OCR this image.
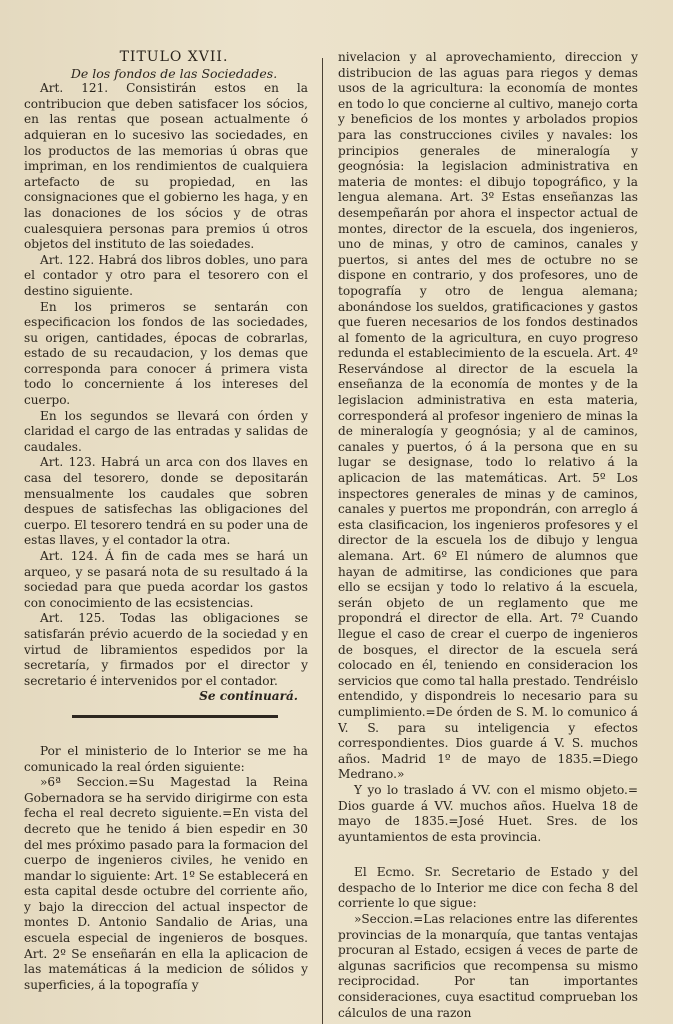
TÍTULO XVII.

De los fondos de las Sociedades.

Art. 121. Consistirán estos en la contribucion que deben satisfacer los sócios, en las rentas que posean actualmente ó adquieran en lo sucesivo las sociedades, en los productos de las memorias ú obras que impriman, en los rendimientos de cualquiera artefacto de su propiedad, en las consignaciones que el gobierno les haga, y en las donaciones de los sócios y de otras cualesquiera personas para premios ú otros objetos del instituto de las soiedades.

Art. 122. Habrá dos libros dobles, uno para el contador y otro para el tesorero con el destino siguiente.

En los primeros se sentarán con especificacion los fondos de las sociedades, su origen, cantidades, épocas de cobrarlas, estado de su recaudacion, y los demas que corresponda para conocer á primera vista todo lo concerniente á los intereses del cuerpo.

En los segundos se llevará con órden y claridad el cargo de las entradas y salidas de caudales.

Art. 123. Habrá un arca con dos llaves en casa del tesorero, donde se depositarán mensualmente los caudales que sobren despues de satisfechas las obligaciones del cuerpo. El tesorero tendrá en su poder una de estas llaves, y el contador la otra.

Art. 124. Á fin de cada mes se hará un arqueo, y se pasará nota de su resultado á la sociedad para que pueda acordar los gastos con conocimiento de las ecsistencias.

Art. 125. Todas las obligaciones se satisfarán prévio acuerdo de la sociedad y en virtud de libramientos espedidos por la secretaría, y firmados por el director y secretario é intervenidos por el contador.

Se continuará.

Por el ministerio de lo Interior se me ha comunicado la real órden siguiente:

»6ª Seccion.=Su Magestad la Reina Gobernadora se ha servido dirigirme con esta fecha el real decreto siguiente.=En vista del decreto que he tenido á bien espedir en 30 del mes próximo pasado para la formacion del cuerpo de ingenieros civiles, he venido en mandar lo siguiente: Art. 1º Se establecerá en esta capital desde octubre del corriente año, y bajo la direccion del actual inspector de montes D. Antonio Sandalio de Arias, una escuela especial de ingenieros de bosques. Art. 2º Se enseñarán en ella la aplicacion de las matemáticas á la medicion de sólidos y superficies, á la topografía y

nivelacion y al aprovechamiento, direccion y distribucion de las aguas para riegos y demas usos de la agricultura: la economía de montes en todo lo que concierne al cultivo, manejo corta y beneficios de los montes y arbolados propios para las construcciones civiles y navales: los principios generales de mineralogía y geognósia: la legislacion administrativa en materia de montes: el dibujo topográfico, y la lengua alemana. Art. 3º Estas enseñanzas las desempeñarán por ahora el inspector actual de montes, director de la escuela, dos ingenieros, uno de minas, y otro de caminos, canales y puertos, si antes del mes de octubre no se dispone en contrario, y dos profesores, uno de topografía y otro de lengua alemana; abonándose los sueldos, gratificaciones y gastos que fueren necesarios de los fondos destinados al fomento de la agricultura, en cuyo progreso redunda el establecimiento de la escuela. Art. 4º Reservándose al director de la escuela la enseñanza de la economía de montes y de la legislacion administrativa en esta materia, corresponderá al profesor ingeniero de minas la de mineralogía y geognósia; y al de caminos, canales y puertos, ó á la persona que en su lugar se designase, todo lo relativo á la aplicacion de las matemáticas. Art. 5º Los inspectores generales de minas y de caminos, canales y puertos me propondrán, con arreglo á esta clasificacion, los ingenieros profesores y el director de la escuela los de dibujo y lengua alemana. Art. 6º El número de alumnos que hayan de admitirse, las condiciones que para ello se ecsijan y todo lo relativo á la escuela, serán objeto de un reglamento que me propondrá el director de ella. Art. 7º Cuando llegue el caso de crear el cuerpo de ingenieros de bosques, el director de la escuela será colocado en él, teniendo en consideracion los servicios que como tal halla prestado. Tendréislo entendido, y dispondreis lo necesario para su cumplimiento.=De órden de S. M. lo comunico á V. S. para su inteligencia y efectos correspondientes. Dios guarde á V. S. muchos años. Madrid 1º de mayo de 1835.=Diego Medrano.»

Y yo lo traslado á VV. con el mismo objeto.= Dios guarde á VV. muchos años. Huelva 18 de mayo de 1835.=José Huet. Sres. de los ayuntamientos de esta provincia.

El Ecmo. Sr. Secretario de Estado y del despacho de lo Interior me dice con fecha 8 del corriente lo que sigue:

»Seccion.=Las relaciones entre las diferentes provincias de la monarquía, que tantas ventajas procuran al Estado, ecsigen á veces de parte de algunas sacrificios que recompensa su mismo reciprocidad. Por tan importantes consideraciones, cuya esactitud comprueban los cálculos de una razon
